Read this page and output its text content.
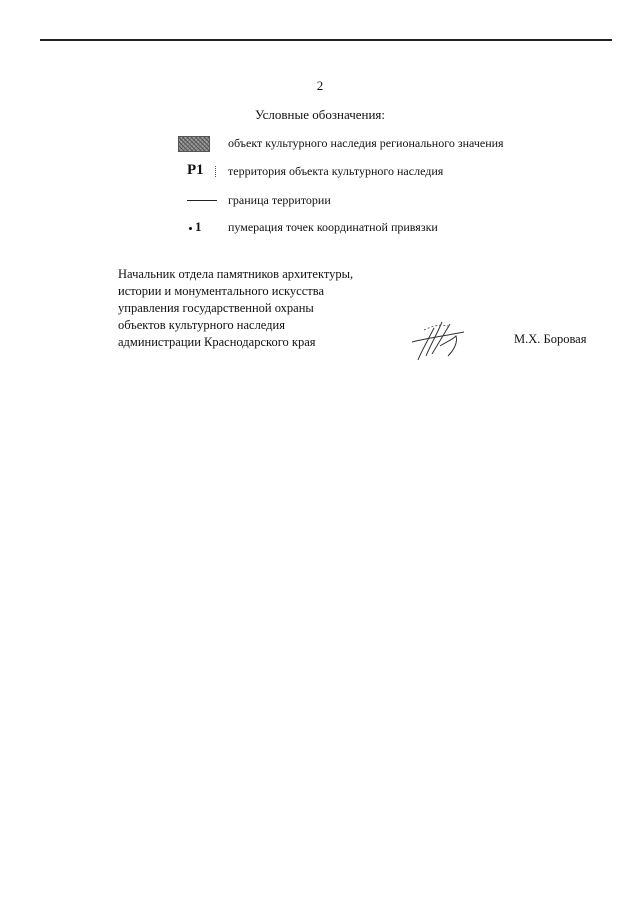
2
Условные обозначения:
объект культурного наследия регионального значения
P1 территория объекта культурного наследия
граница территории
1 пумерация точек координатной привязки
Начальник отдела памятников архитектуры,
истории и монументального искусства
управления государственной охраны
объектов культурного наследия
администрации Краснодарского края	М.Х. Боровая
